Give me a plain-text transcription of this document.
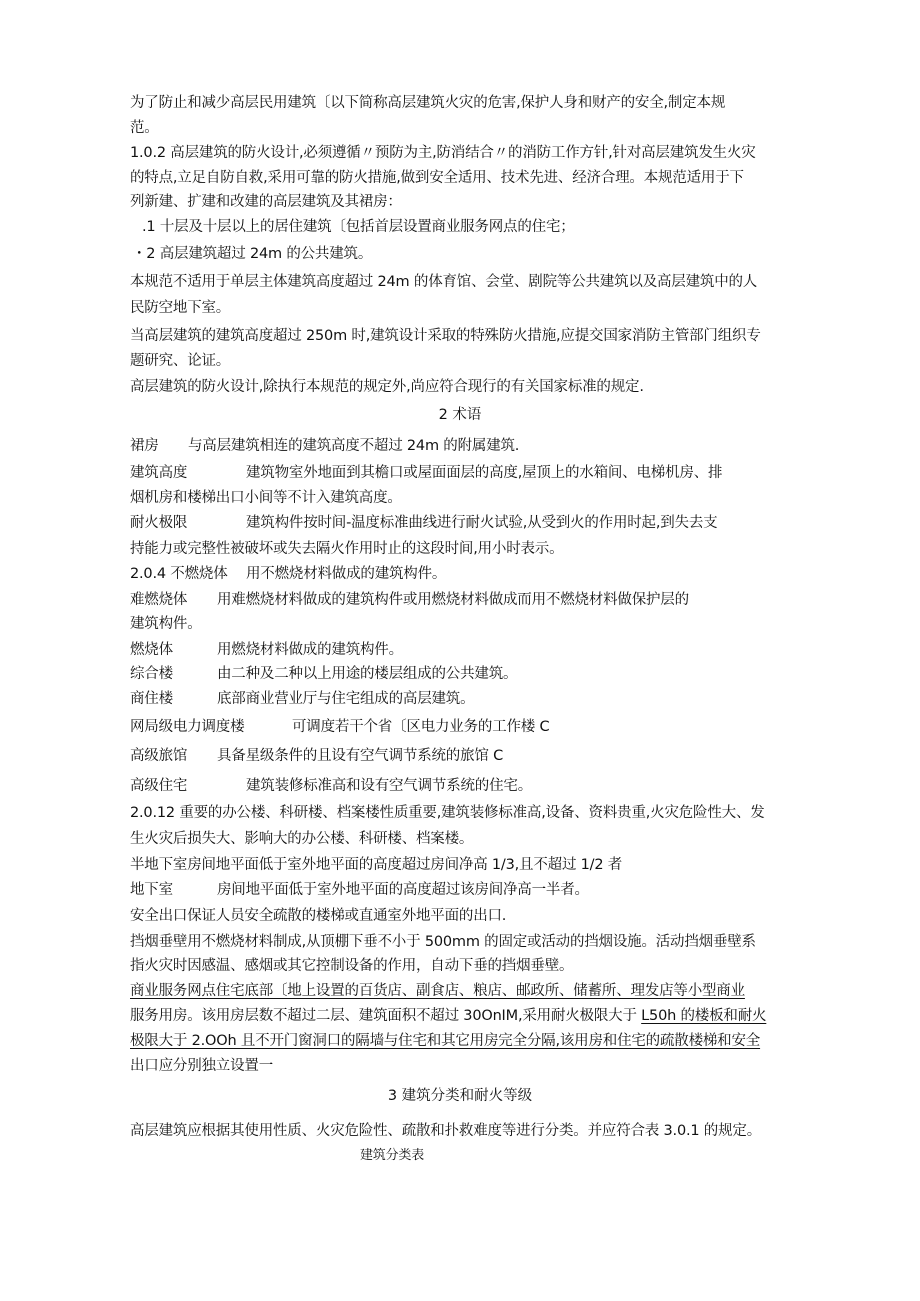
为了防止和减少高层民用建筑〔以下简称高层建筑火灾的危害,保护人身和财产的安全,制定本规
范。
1.0.2 高层建筑的防火设计,必须遵循〃预防为主,防消结合〃的消防工作方针,针对高层建筑发生火灾
的特点,立足自防自救,采用可靠的防火措施,做到安全适用、技术先进、经济合理。本规范适用于下
列新建、扩建和改建的高层建筑及其裙房：
.1 十层及十层以上的居住建筑〔包括首层设置商业服务网点的住宅；
・2 高层建筑超过 24m 的公共建筑。
本规范不适用于单层主体建筑高度超过 24m 的体育馆、会堂、剧院等公共建筑以及高层建筑中的人
民防空地下室。
当高层建筑的建筑高度超过 250m 时,建筑设计采取的特殊防火措施,应提交国家消防主管部门组织专
题研究、论证。
高层建筑的防火设计,除执行本规范的规定外,尚应符合现行的有关国家标准的规定.
2 术语
裙房 与高层建筑相连的建筑高度不超过 24m 的附属建筑.
建筑高度	建筑物室外地面到其檐口或屋面面层的高度,屋顶上的水箱间、电梯机房、排
烟机房和楼梯出口小间等不计入建筑高度。
耐火极限	建筑构件按时间-温度标准曲线进行耐火试验,从受到火的作用时起,到失去支
持能力或完整性被破坏或失去隔火作用时止的这段时间,用小时表示。
2.0.4 不燃烧体 用不燃烧材料做成的建筑构件。
难燃烧体 用难燃烧材料做成的建筑构件或用燃烧材料做成而用不燃烧材料做保护层的
建筑构件。
燃烧体	用燃烧材料做成的建筑构件。
综合楼	由二种及二种以上用途的楼层组成的公共建筑。
商住楼	底部商业营业厅与住宅组成的高层建筑。
网局级电力调度楼	可调度若干个省〔区电力业务的工作楼 C
高级旅馆 具备星级条件的且设有空气调节系统的旅馆 C
高级住宅	建筑装修标准高和设有空气调节系统的住宅。
2.0.12 重要的办公楼、科研楼、档案楼性质重要,建筑装修标准高,设备、资料贵重,火灾危险性大、发
生火灾后损失大、影响大的办公楼、科研楼、档案楼。
半地下室房间地平面低于室外地平面的高度超过房间净高 1/3,且不超过 1/2 者
地下室	房间地平面低于室外地平面的高度超过该房间净高一半者。
安全出口保证人员安全疏散的楼梯或直通室外地平面的出口.
挡烟垂壁用不燃烧材料制成,从顶棚下垂不小于 500mm 的固定或活动的挡烟设施。活动挡烟垂壁系
指火灾时因感温、感烟或其它控制设备的作用，自动下垂的挡烟垂壁。
商业服务网点住宅底部〔地上设置的百货店、副食店、粮店、邮政所、储蓄所、理发店等小型商业
服务用房。该用房层数不超过二层、建筑面积不超过 30OnIM,采用耐火极限大于 L50h 的楼板和耐火
极限大于 2.OOh 且不开门窗洞口的隔墙与住宅和其它用房完全分隔,该用房和住宅的疏散楼梯和安全
出口应分别独立设置一
3 建筑分类和耐火等级
高层建筑应根据其使用性质、火灾危险性、疏散和扑救难度等进行分类。并应符合表 3.0.1 的规定。
建筑分类表
